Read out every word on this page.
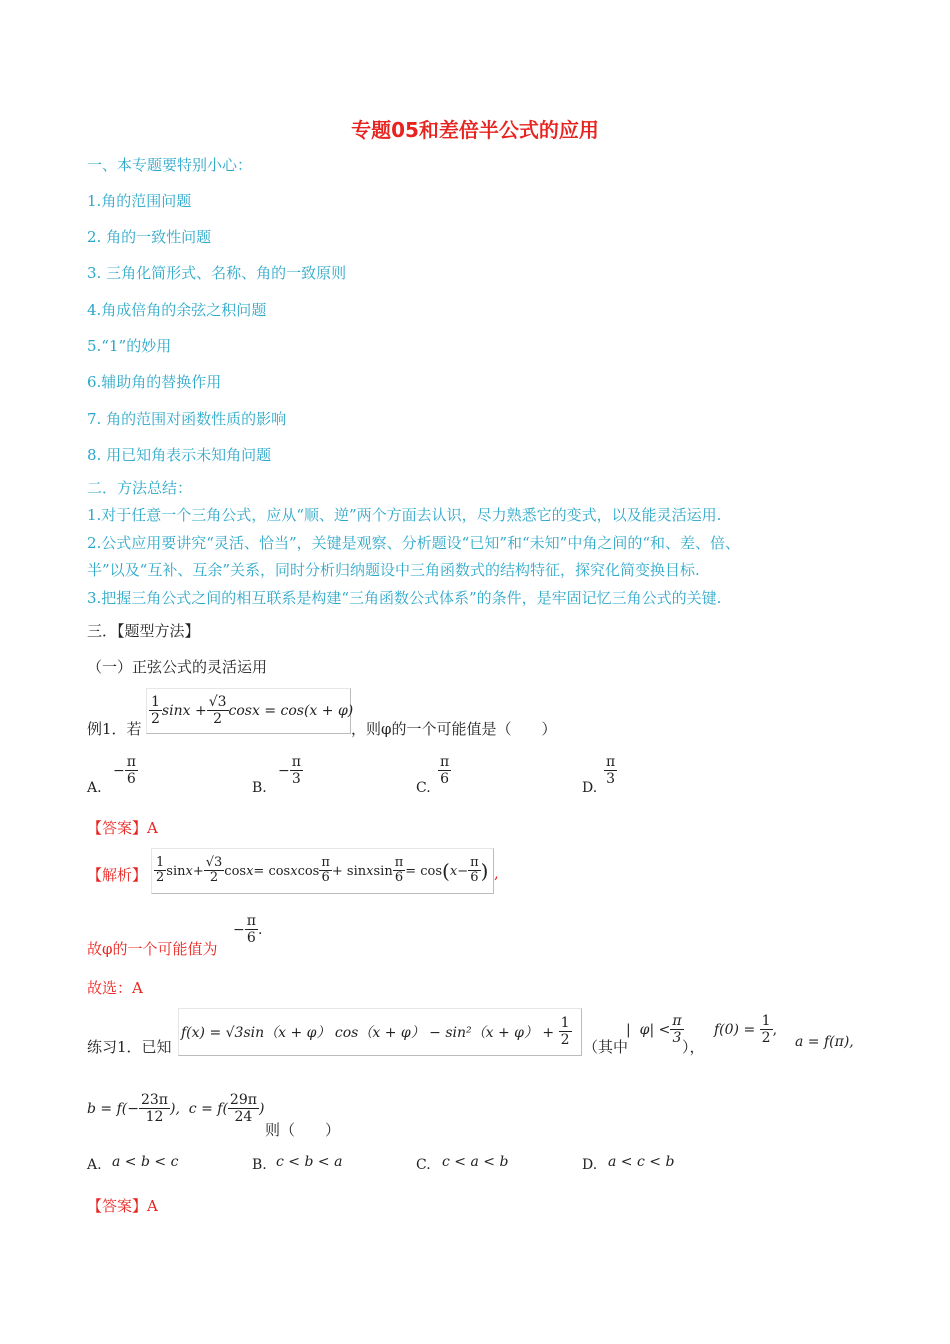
专题05和差倍半公式的应用
一、本专题要特别小心：
1.角的范围问题
2. 角的一致性问题
3. 三角化简形式、名称、角的一致原则
4.角成倍角的余弦之积问题
5.“1”的妙用
6.辅助角的替换作用
7. 角的范围对函数性质的影响
8. 用已知角表示未知角问题
二．方法总结：
1.对于任意一个三角公式，应从“顺、逆”两个方面去认识，尽力熟悉它的变式，以及能灵活运用.
2.公式应用要讲究“灵活、恰当”，关键是观察、分析题设“已知”和“未知”中角之间的“和、差、倍、
半”以及“互补、互余”关系，同时分析归纳题设中三角函数式的结构特征，探究化简变换目标.
3.把握三角公式之间的相互联系是构建“三角函数公式体系”的条件，是牢固记忆三角公式的关键.
三．【题型方法】
（一）正弦公式的灵活运用
例1．若
$\frac{1}{2}$ $\sin x + \frac{√3}{2}$ cosx = cos(x + φ)
，则φ的一个可能值是（　　）
A.
− $\frac{\pi}{6}$
B.
− $\frac{\pi}{3}$
C.
$\frac{\pi}{6}$
D.
$\frac{\pi}{3}$
【答案】A
【解析】 $\frac{1}{2}$ $\sin x + \frac{√3}{2}$ cos x = cos x $\cos \frac{\pi}{6} + \sin x$ $\sin \frac{\pi}{6} = \cos$ ( $x - \frac{\pi}{6}$ ) ,
故φ的一个可能值为
− $\frac{\pi}{6}$ .
故选：A
练习1．已知
f(x) = √3sin（x + φ） $\cos(x + \varphi) - \sin^2(x + \varphi) + \frac{1}{2}$ （其中
| φ | < $\frac{\pi}{3}$
），
f(0) =
$\frac{1}{2}$ ,
a = f(π),
$b = f(- \frac{23\pi}{12}$ ), $c = f( \frac{29\pi}{24}$ )
则（　　）
A. a < b < c	B. c < b < a	C. c < a < b	D. a < c < b
【答案】A
